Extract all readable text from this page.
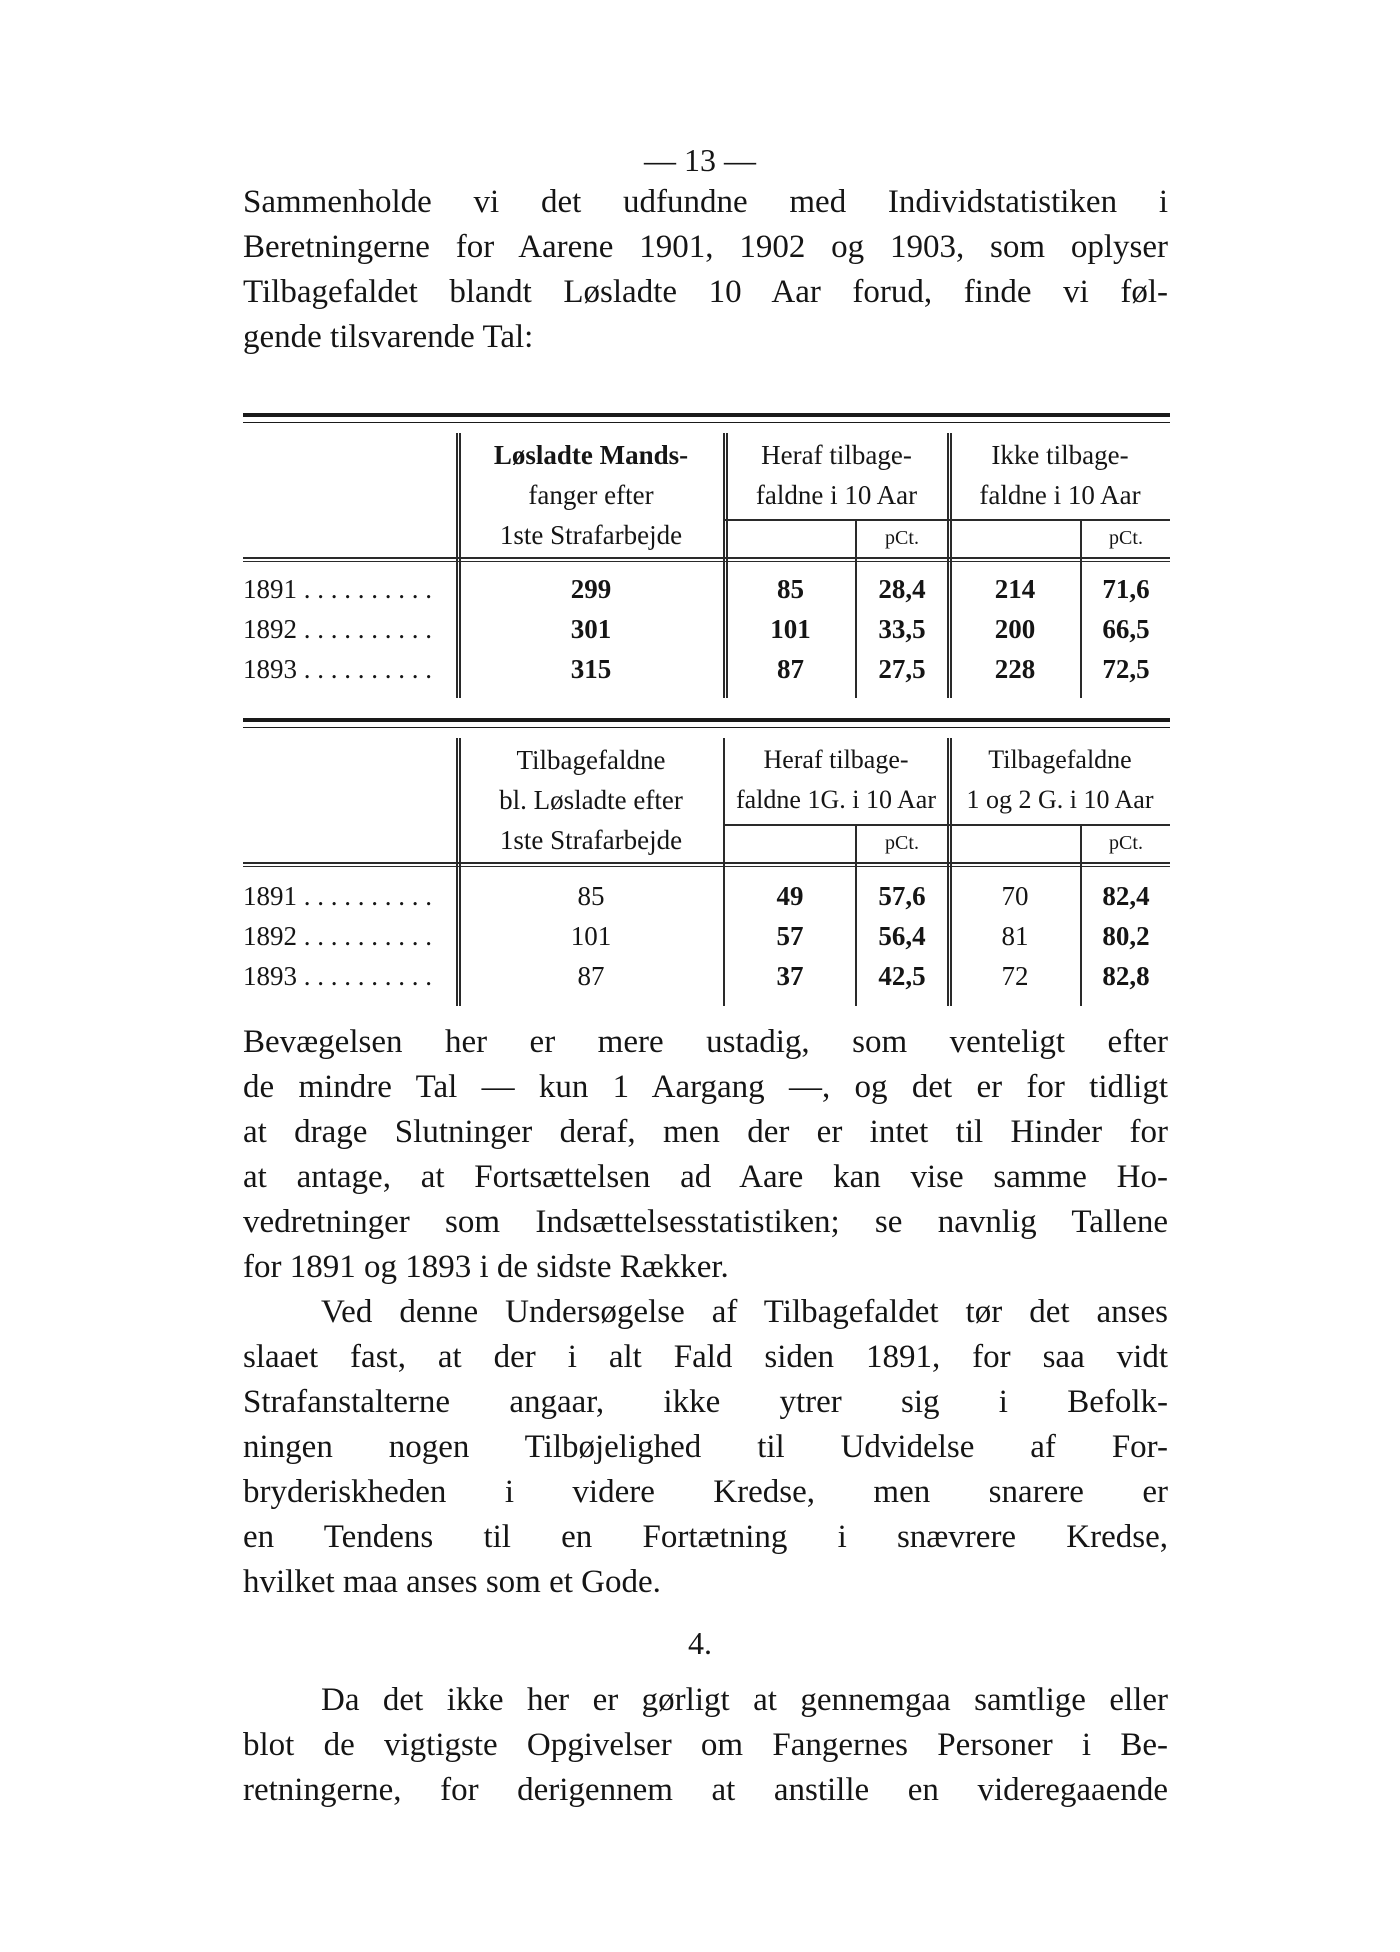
— 13 —
Sammenholde vi det udfundne med Individstatistiken i
Beretningerne for Aarene 1901, 1902 og 1903, som oplyser
Tilbagefaldet blandt Løsladte 10 Aar forud, finde vi føl-
gende tilsvarende Tal:
Løsladte Mands-
fanger efter
1ste Strafarbejde
Heraf tilbage-
faldne i 10 Aar
Ikke tilbage-
faldne i 10 Aar
pCt.	pCt.
1891 . . . . . . . . . .	299	85	28,4	214	71,6
1892 . . . . . . . . . .	301	101	33,5	200	66,5
1893 . . . . . . . . . .	315	87	27,5	228	72,5
Tilbagefaldne
bl. Løsladte efter
1ste Strafarbejde
Heraf tilbage-
faldne 1G. i 10 Aar
Tilbagefaldne
1 og 2 G. i 10 Aar
pCt.	pCt.
1891 . . . . . . . . . .	85	49	57,6	70	82,4
1892 . . . . . . . . . .	101	57	56,4	81	80,2
1893 . . . . . . . . . .	87	37	42,5	72	82,8
Bevægelsen her er mere ustadig, som venteligt efter
de mindre Tal — kun 1 Aargang —, og det er for tidligt
at drage Slutninger deraf, men der er intet til Hinder for
at antage, at Fortsættelsen ad Aare kan vise samme Ho-
vedretninger som Indsættelsesstatistiken; se navnlig Tallene
for 1891 og 1893 i de sidste Rækker.
Ved denne Undersøgelse af Tilbagefaldet tør det anses
slaaet fast, at der i alt Fald siden 1891, for saa vidt
Strafanstalterne angaar, ikke ytrer sig i Befolk-
ningen nogen Tilbøjelighed til Udvidelse af For-
bryderiskheden i videre Kredse, men snarere er
en Tendens til en Fortætning i snævrere Kredse,
hvilket maa anses som et Gode.
4.
Da det ikke her er gørligt at gennemgaa samtlige eller
blot de vigtigste Opgivelser om Fangernes Personer i Be-
retningerne, for derigennem at anstille en videregaaende
